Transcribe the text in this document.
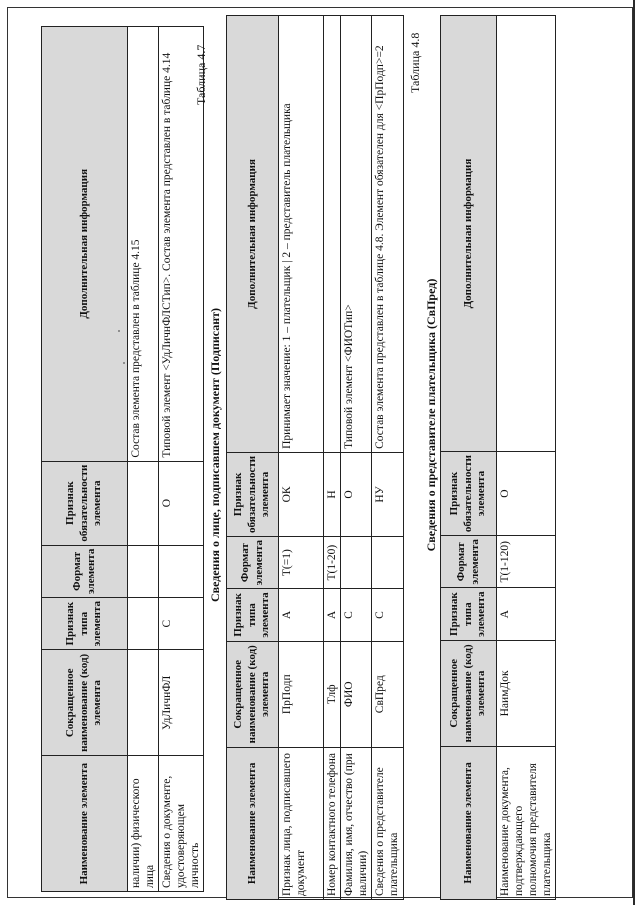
Наименование элемента	Сокращенное наименование (код) элемента	Признак типа элемента	Формат элемента	Признак обязательности элемента	Дополнительная информация
наличии) физического лица					Состав элемента представлен в таблице 4.15
Сведения о документе, удостоверяющем личность	УдЛичнФЛ	С		О	Типовой элемент <УдЛичнФЛСТип>. Состав элемента представлен в таблице 4.14 Таблица 4.7
Сведения о лице, подписавшем документ (Подписант)
Наименование элемента	Сокращенное наименование (код) элемента	Признак типа элемента	Формат элемента	Признак обязательности элемента	Дополнительная информация
Признак лица, подписавшего документ	ПрПодп	А	T(=1)	ОК	Принимает значение: 1 – плательщик | 2 – представитель плательщика
Номер контактного телефона	Тлф	А	T(1-20)	Н	
Фамилия, имя, отчество (при наличии)	ФИО	С		О	Типовой элемент <ФИОТип>
Сведения о представителе плательщика	СвПред	С		НУ	Состав элемента представлен в таблице 4.8. Элемент обязателен для <ПрПодп>=2 Таблица 4.8
Сведения о представителе плательщика (СвПред)
Наименование элемента	Сокращенное наименование (код) элемента	Признак типа элемента	Формат элемента	Признак обязательности элемента	Дополнительная информация
Наименование документа, подтверждающего полномочия представителя плательщика	НаимДок	А	T(1-120)	О	
